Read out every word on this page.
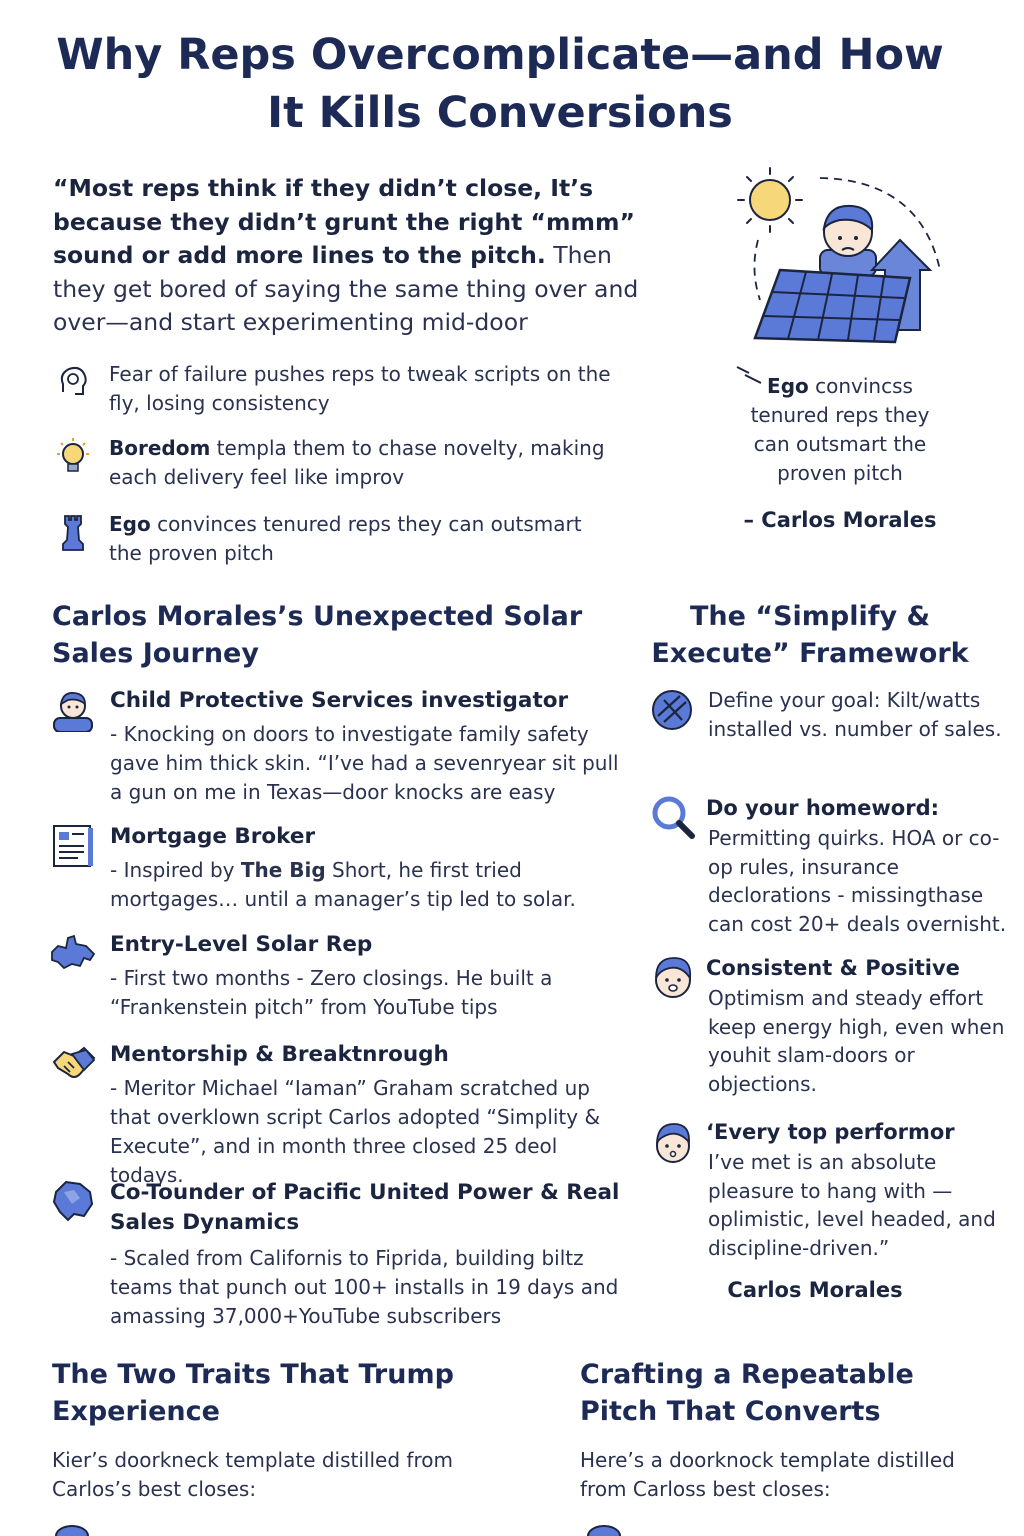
Why Reps Overcomplicate—and How
It Kills Conversions
“Most reps think if they didn’t close, It’s because they didn’t grunt the right “mmm” sound or add more lines to the pitch. Then they get bored of saying the same thing over and over—and start experimenting mid-door
Fear of failure pushes reps to tweak scripts on the fly, losing consistency
Boredom templa them to chase novelty, making each delivery feel like improv
Ego convinces tenured reps they can outsmart the proven pitch
Ego convincss tenured reps they can outsmart the proven pitch
– Carlos Morales
Carlos Morales’s Unexpected Solar Sales Journey
Child Protective Services investigator
- Knocking on doors to investigate family safety gave him thick skin. “I’ve had a sevenryear sit pull a gun on me in Texas—door knocks are easy
Mortgage Broker
- Inspired by The Big Short, he first tried mortgages… until a manager’s tip led to solar.
Entry-Level Solar Rep
- First two months - Zero closings. He built a “Frankenstein pitch” from YouTube tips
Mentorship & Breaktnrough
- Meritor Michael “Iaman” Graham scratched up that overklown script Carlos adopted “Simplity & Execute”, and in month three closed 25 deol todays.
Co-Tounder of Pacific United Power & Real Sales Dynamics
- Scaled from Californis to Fiprida, building biltz teams that punch out 100+ installs in 19 days and amassing 37,000+YouTube subscribers
The “Simplify & Execute” Framework
Define your goal: Kilt/watts installed vs. number of sales.
Do your homeword:
Permitting quirks. HOA or co-op rules, insurance declorations - missingthase can cost 20+ deals overnisht.
Consistent & Positive
Optimism and steady effort keep energy high, even when youhit slam-doors or objections.
‘Every top performor
I’ve met is an absolute pleasure to hang with — oplimistic, level headed, and discipline-driven.”
Carlos Morales
The Two Traits That Trump Experience
Kier’s doorkneck template distilled from Carlos’s best closes:
Crafting a Repeatable Pitch That Converts
Here’s a doorknock template distilled from Carloss best closes:
